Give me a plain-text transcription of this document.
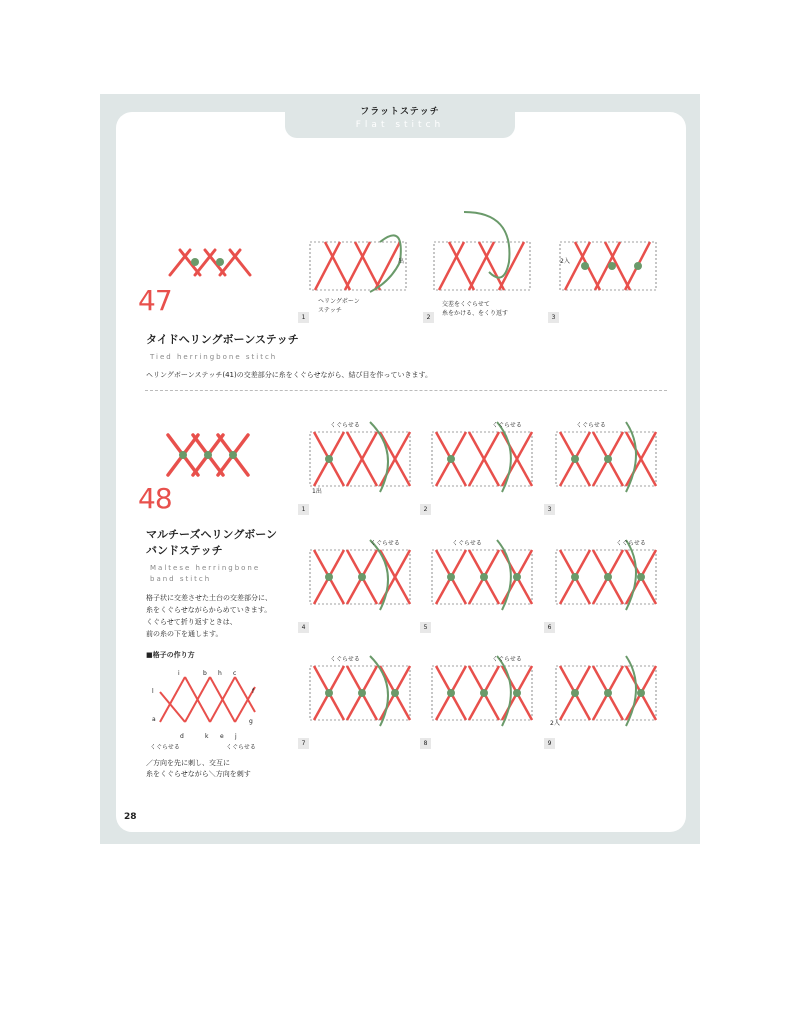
フラットステッチ
Flat stitch
47
タイドヘリングボーンステッチ
Tied herringbone stitch
ヘリングボーンステッチ(41)の交差部分に糸をくぐらせながら、結び目を作っていきます。
出
ヘリングボーン
ステッチ
交差をくぐらせて
糸をかける、をくり返す
2入
1	2	3
48
マルチーズヘリングボーン
バンドステッチ
Maltese herringbone
band stitch
格子状に交差させた土台の交差部分に、
糸をくぐらせながらからめていきます。
くぐらせて折り返すときは、
前の糸の下を通します。
■格子の作り方
i	b h c
l	f
a	g
d	k e j
くぐらせる	くぐらせる
／方向を先に刺し、交互に
糸をくぐらせながら＼方向を刺す
1
くぐらせる
2
くぐらせる
3
くぐらせる
4
くぐらせる
5
くぐらせる
6
くぐらせる
7
くぐらせる
8
くぐらせる
9
1出
2入
28
